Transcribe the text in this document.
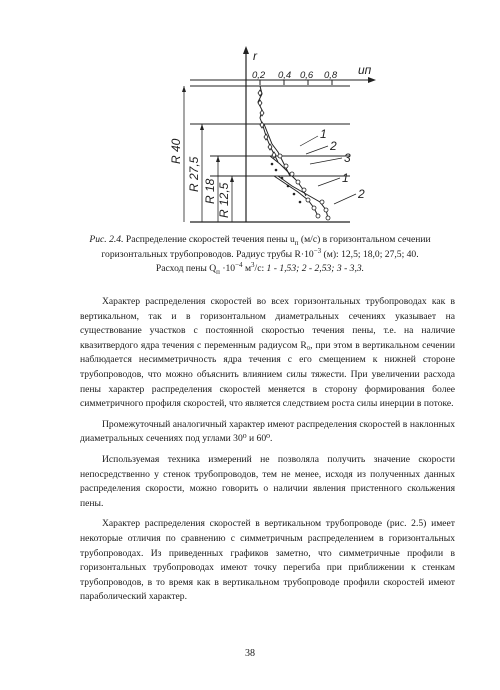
r
uп
0,2 0,4 0,6 0,8
R 40
R 27,5 R 18 R 12,5
1
2
3
1
2

Рис. 2.4. Распределение скоростей течения пены $u_п$ (м/с) в горизонтальном сечении

горизонтальных трубопроводов. Радиус трубы $R\cdot 10^{-3}$ (м): 12,5; 18,0; 27,5; 40.

Расход пены $Q_п \cdot 10^{-4}$ $м^3/с$: 1 - 1,53; 2 - 2,53; 3 - 3,3.

Характер распределения скоростей во всех горизонтальных трубопроводах как в вертикальном, так и в горизонтальном диаметральных сечениях указывает на существование участков с постоянной скоростью течения пены, т.е. на наличие квазитвердого ядра течения с переменным радиусом R₀, при этом в вертикальном сечении наблюдается несимметричность ядра течения с его смещением к нижней стороне трубопроводов, что можно объяснить влиянием силы тяжести. При увеличении расхода пены характер распределения скоростей меняется в сторону формирования более симметричного профиля скоростей, что является следствием роста силы инерции в потоке.

Промежуточный аналогичный характер имеют распределения скоростей в наклонных диаметральных сечениях под углами 30⁰ и 60⁰.

Используемая техника измерений не позволяла получить значение скорости непосредственно у стенок трубопроводов, тем не менее, исходя из полученных данных распределения скорости, можно говорить о наличии явления пристенного скольжения пены.

Характер распределения скоростей в вертикальном трубопроводе (рис. 2.5) имеет некоторые отличия по сравнению с симметричным распределением в горизонтальных трубопроводах. Из приведенных графиков заметно, что симметричные профили в горизонтальных трубопроводах имеют точку перегиба при приближении к стенкам трубопроводов, в то время как в вертикальном трубопроводе профили скоростей имеют параболический характер.

38
